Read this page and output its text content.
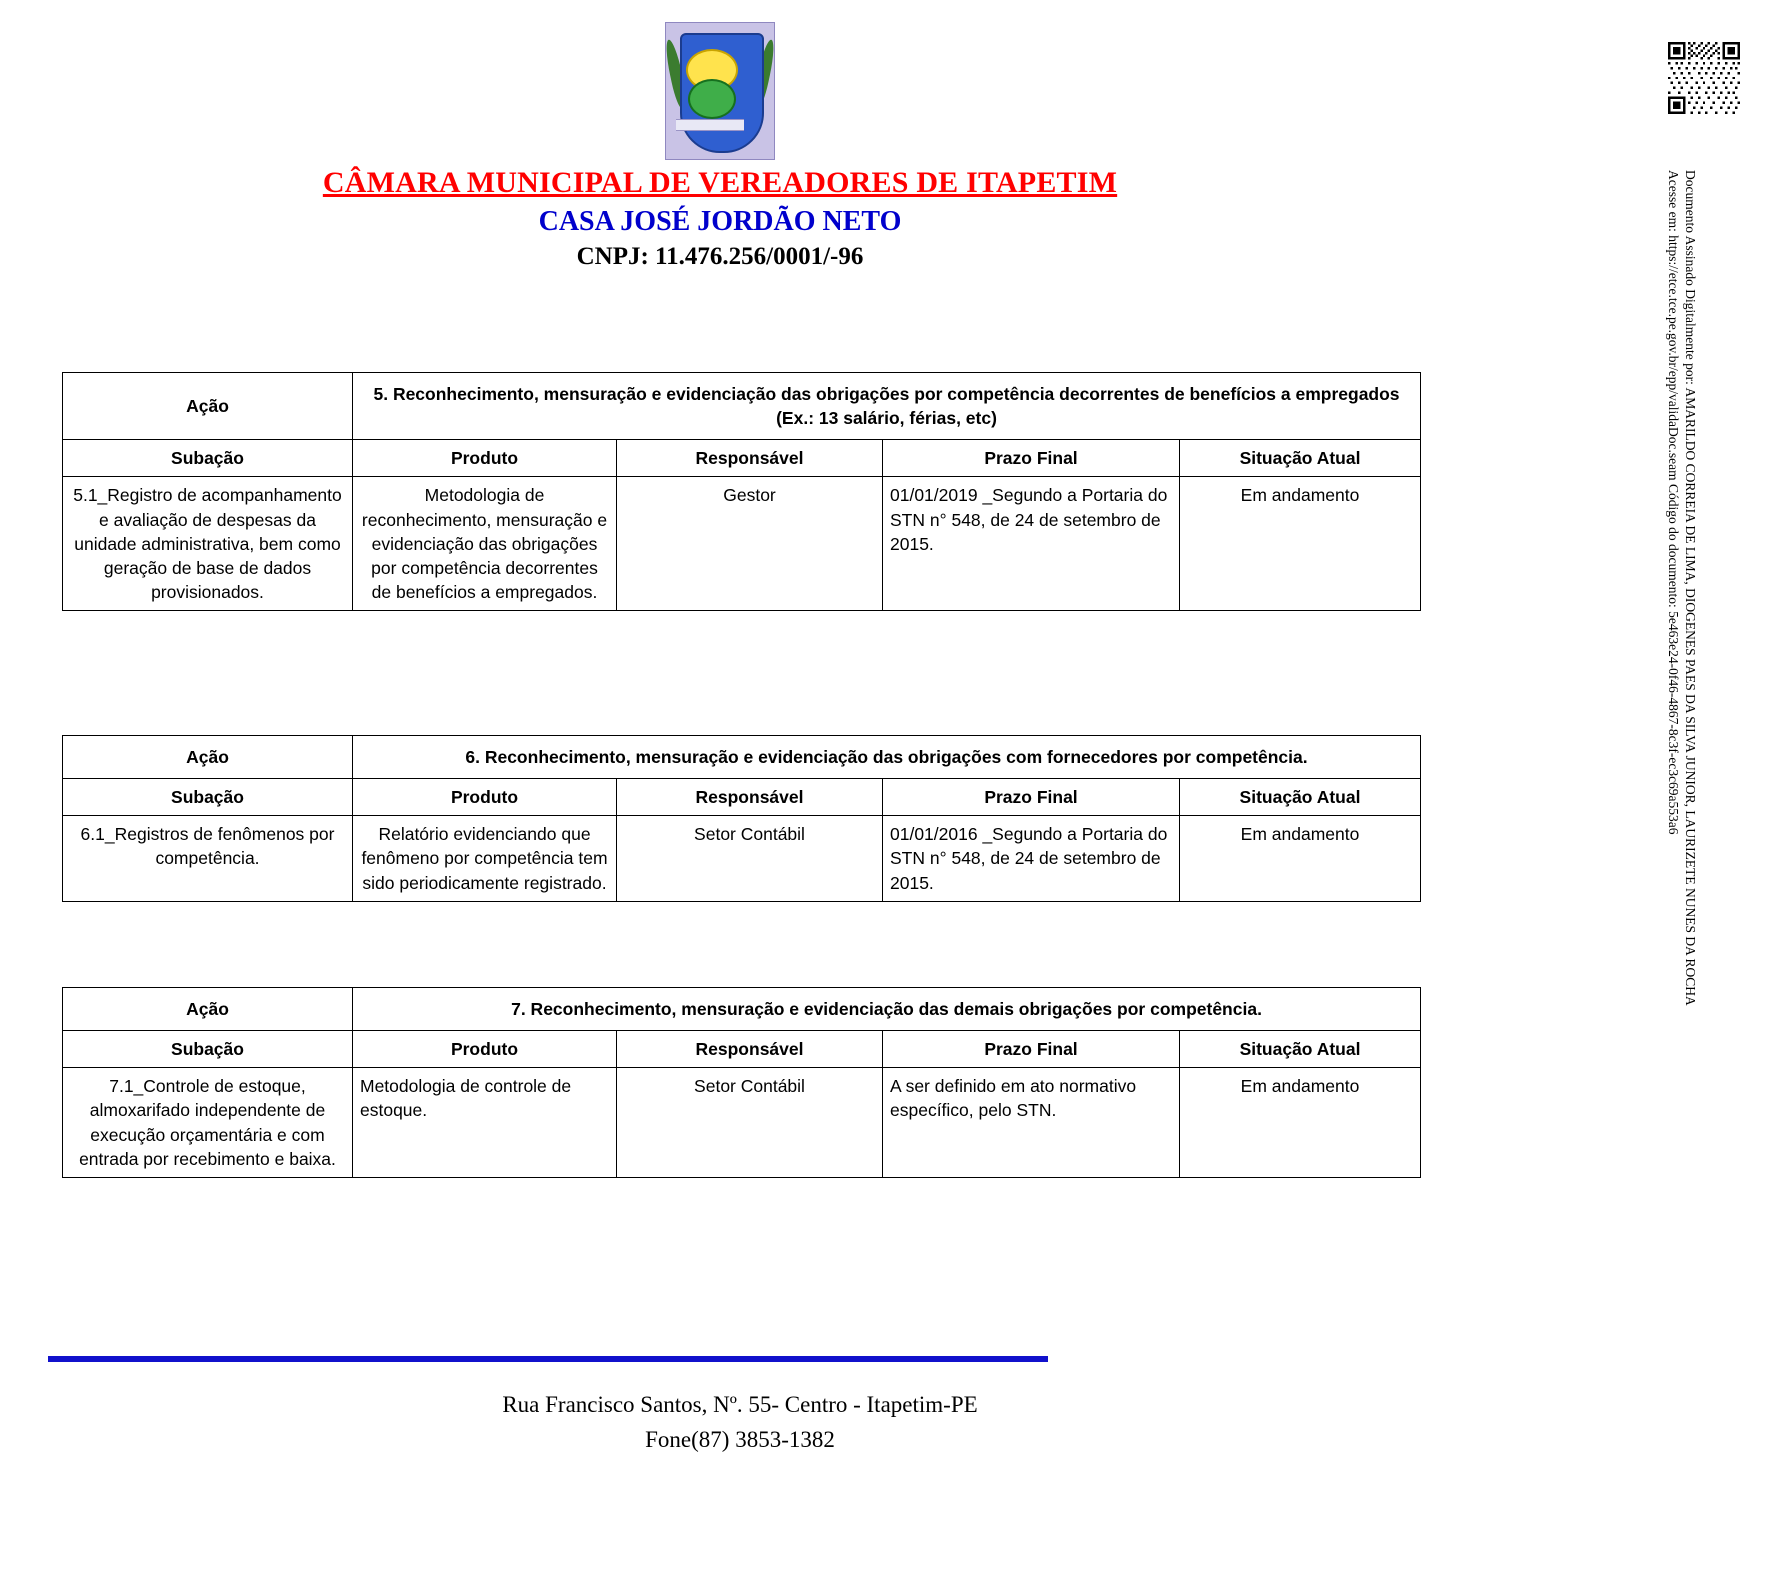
CÂMARA MUNICIPAL DE VEREADORES DE ITAPETIM
CASA JOSÉ JORDÃO NETO
CNPJ: 11.476.256/0001/-96
Ação	5. Reconhecimento, mensuração e evidenciação das obrigações por competência decorrentes de benefícios a empregados (Ex.: 13 salário, férias, etc)			
Subação	Produto	Responsável	Prazo Final	Situação Atual
5.1_Registro de acompanhamento e avaliação de despesas da unidade administrativa, bem como geração de base de dados provisionados.	Metodologia de reconhecimento, mensuração e evidenciação das obrigações por competência decorrentes de benefícios a empregados.	Gestor	01/01/2019 _Segundo a Portaria do STN n° 548, de 24 de setembro de 2015.	Em andamento
Ação	6. Reconhecimento, mensuração e evidenciação das obrigações com fornecedores por competência.			
Subação	Produto	Responsável	Prazo Final	Situação Atual
6.1_Registros de fenômenos por competência.	Relatório evidenciando que fenômeno por competência tem sido periodicamente registrado.	Setor Contábil	01/01/2016 _Segundo a Portaria do STN n° 548, de 24 de setembro de 2015.	Em andamento
Ação	7. Reconhecimento, mensuração e evidenciação das demais obrigações por competência.			
Subação	Produto	Responsável	Prazo Final	Situação Atual
7.1_Controle de estoque, almoxarifado independente de execução orçamentária e com entrada por recebimento e baixa.	Metodologia de controle de estoque.	Setor Contábil	A ser definido em ato normativo específico, pelo STN.	Em andamento
Rua Francisco Santos, Nº. 55- Centro - Itapetim-PE
Fone(87) 3853-1382
Documento Assinado Digitalmente por: AMARILDO CORREIA DE LIMA, DIOGENES PAES DA SILVA JUNIOR, LAURIZETE NUNES DA ROCHA
Acesse em: https://etce.tce.pe.gov.br/epp/validaDoc.seam Código do documento: 5e463e24-0f46-4867-8c3f-ec3c69a553a6
